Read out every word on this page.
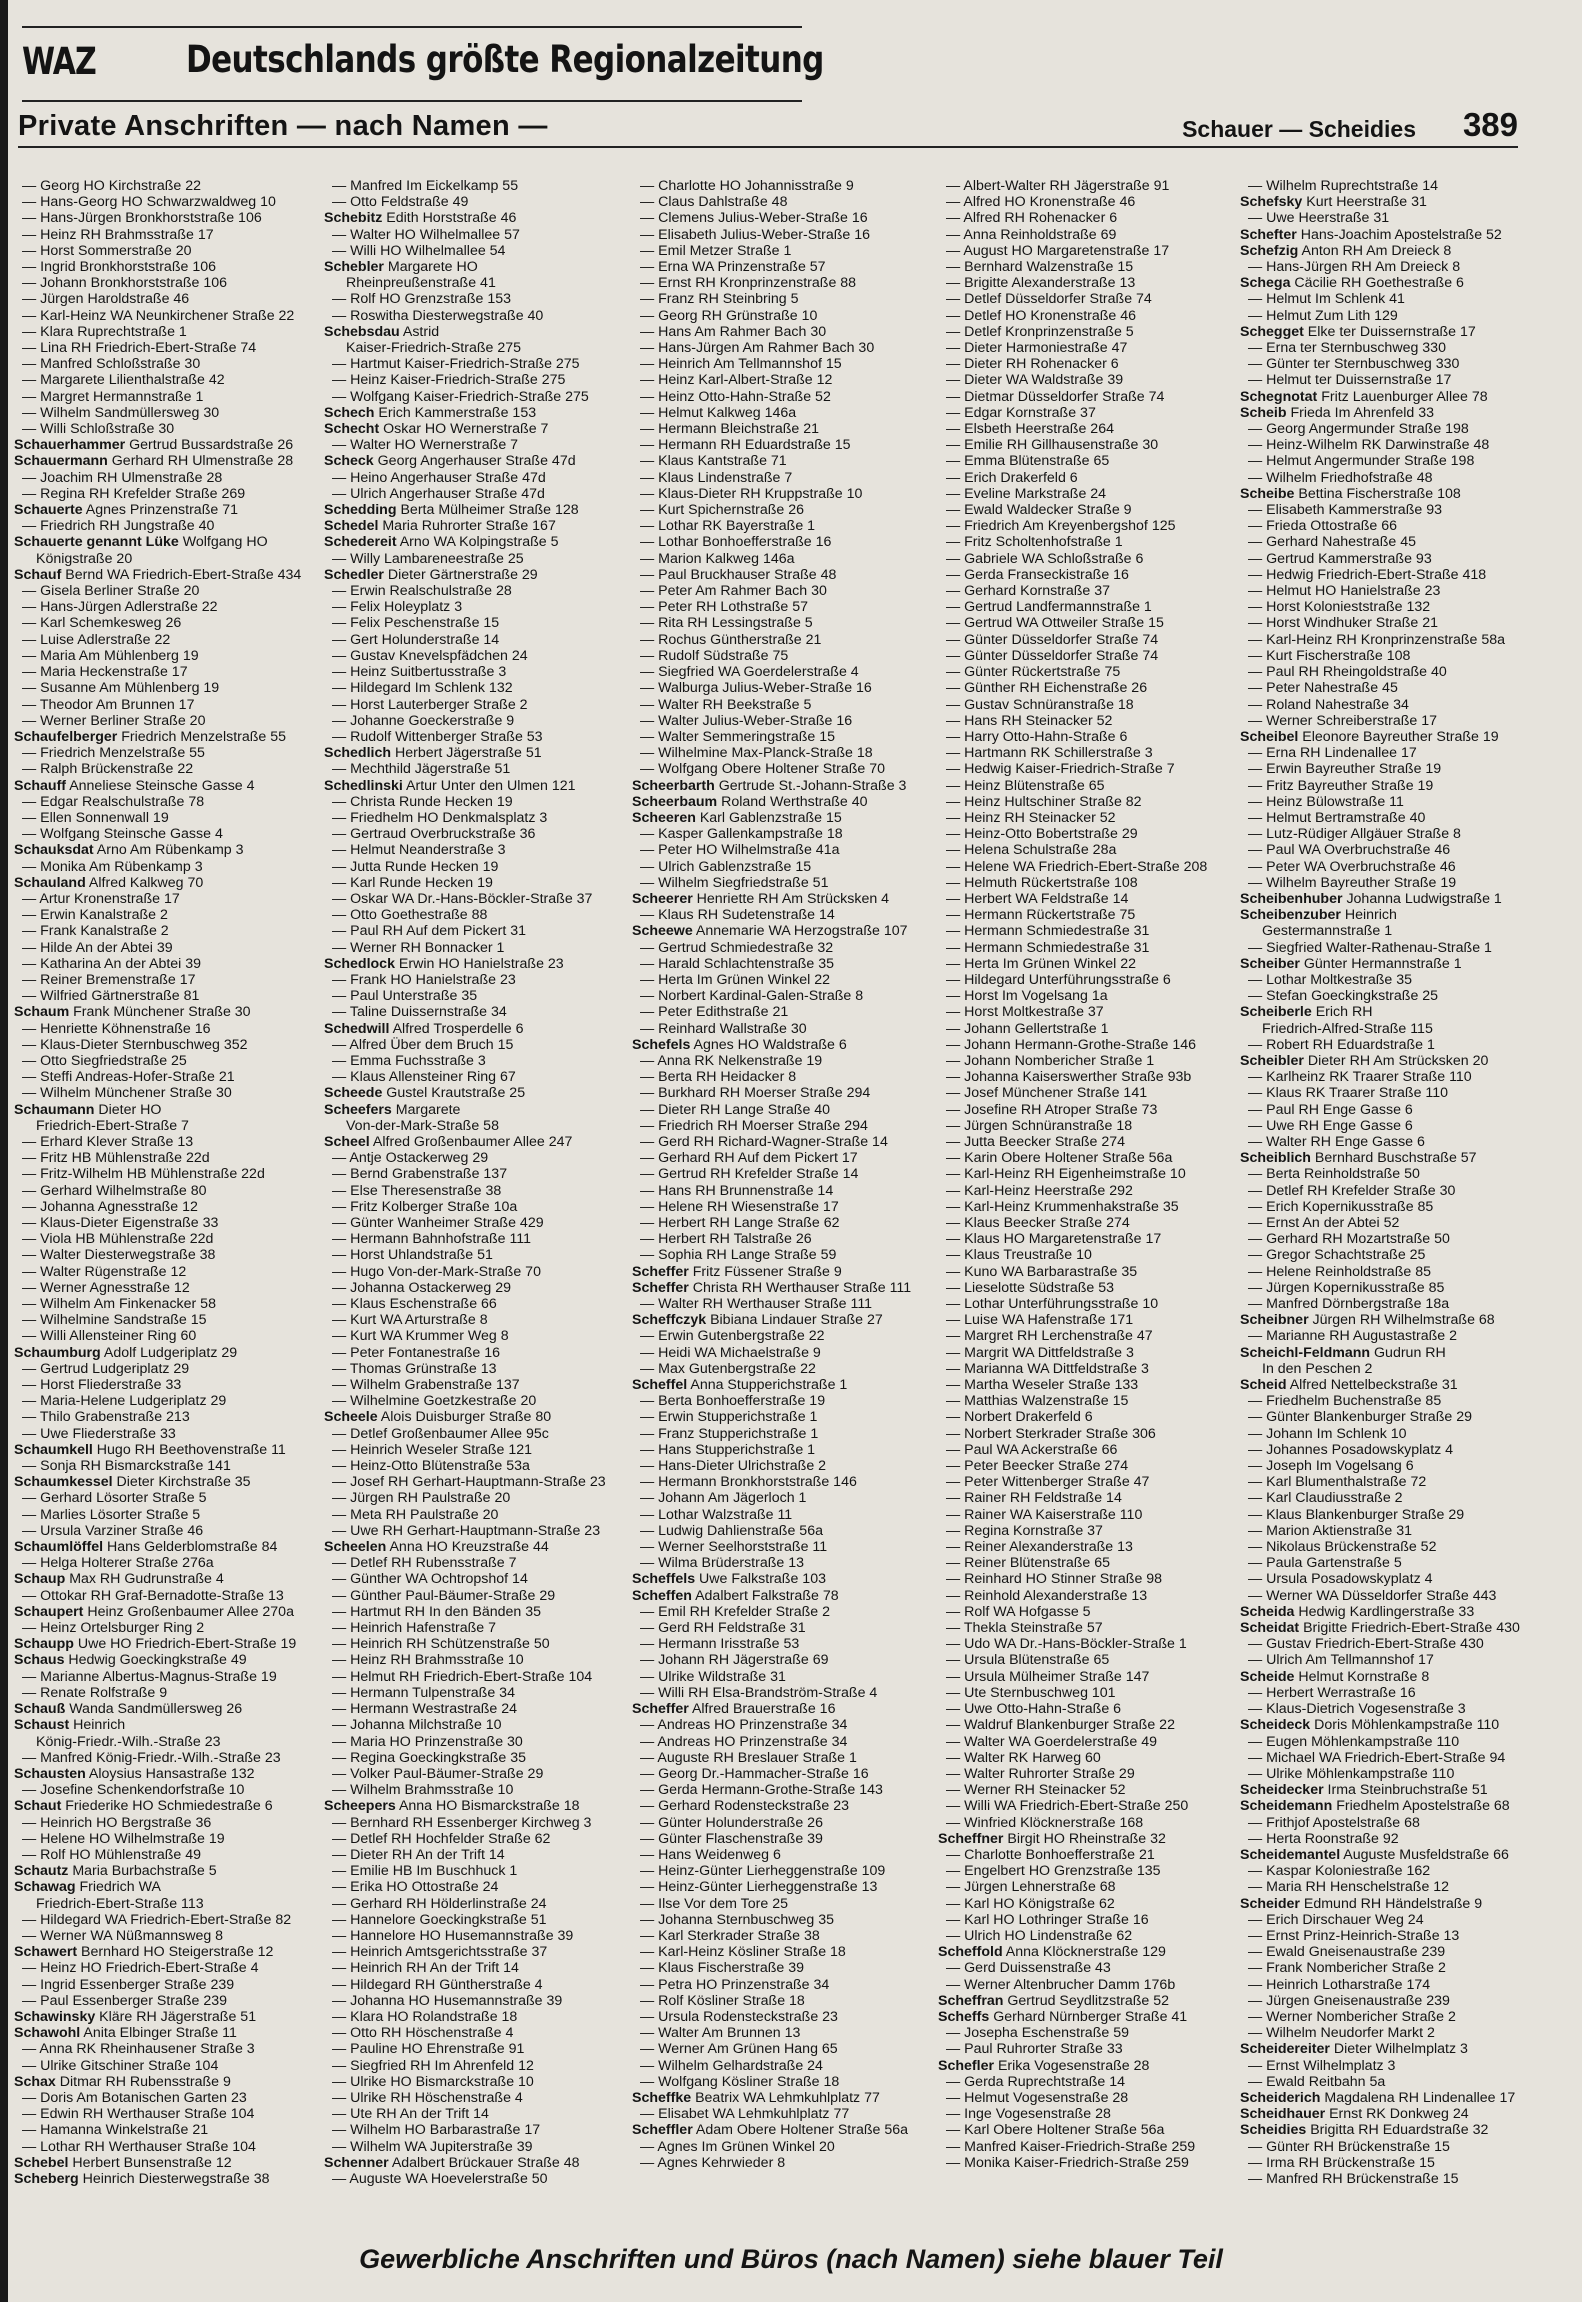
WAZ	Deutschlands größte Regionalzeitung
Private Anschriften — nach Namen —	Schauer — Scheidies 389
— Georg HO Kirchstraße 22
— Hans-Georg HO Schwarzwaldweg 10
— Hans-Jürgen Bronkhorststraße 106
— Heinz RH Brahmsstraße 17
— Horst Sommerstraße 20
— Ingrid Bronkhorststraße 106
— Johann Bronkhorststraße 106
— Jürgen Haroldstraße 46
— Karl-Heinz WA Neunkirchener Straße 22
— Klara Ruprechtstraße 1
— Lina RH Friedrich-Ebert-Straße 74
— Manfred Schloßstraße 30
— Margarete Lilienthalstraße 42
— Margret Hermannstraße 1
— Wilhelm Sandmüllersweg 30
— Willi Schloßstraße 30
Schauerhammer Gertrud Bussardstraße 26
Schauermann Gerhard RH Ulmenstraße 28
— Joachim RH Ulmenstraße 28
— Regina RH Krefelder Straße 269
Schauerte Agnes Prinzenstraße 71
— Friedrich RH Jungstraße 40
Schauerte genannt Lüke Wolfgang HO
Königstraße 20
Schauf Bernd WA Friedrich-Ebert-Straße 434
— Gisela Berliner Straße 20
— Hans-Jürgen Adlerstraße 22
— Karl Schemkesweg 26
— Luise Adlerstraße 22
— Maria Am Mühlenberg 19
— Maria Heckenstraße 17
— Susanne Am Mühlenberg 19
— Theodor Am Brunnen 17
— Werner Berliner Straße 20
Schaufelberger Friedrich Menzelstraße 55
— Friedrich Menzelstraße 55
— Ralph Brückenstraße 22
Schauff Anneliese Steinsche Gasse 4
— Edgar Realschulstraße 78
— Ellen Sonnenwall 19
— Wolfgang Steinsche Gasse 4
Schauksdat Arno Am Rübenkamp 3
— Monika Am Rübenkamp 3
Schauland Alfred Kalkweg 70
— Artur Kronenstraße 17
— Erwin Kanalstraße 2
— Frank Kanalstraße 2
— Hilde An der Abtei 39
— Katharina An der Abtei 39
— Reiner Bremenstraße 17
— Wilfried Gärtnerstraße 81
Schaum Frank Münchener Straße 30
— Henriette Köhnenstraße 16
— Klaus-Dieter Sternbuschweg 352
— Otto Siegfriedstraße 25
— Steffi Andreas-Hofer-Straße 21
— Wilhelm Münchener Straße 30
Schaumann Dieter HO
Friedrich-Ebert-Straße 7
— Erhard Klever Straße 13
— Fritz HB Mühlenstraße 22d
— Fritz-Wilhelm HB Mühlenstraße 22d
— Gerhard Wilhelmstraße 80
— Johanna Agnesstraße 12
— Klaus-Dieter Eigenstraße 33
— Viola HB Mühlenstraße 22d
— Walter Diesterwegstraße 38
— Walter Rügenstraße 12
— Werner Agnesstraße 12
— Wilhelm Am Finkenacker 58
— Wilhelmine Sandstraße 15
— Willi Allensteiner Ring 60
Schaumburg Adolf Ludgeriplatz 29
— Gertrud Ludgeriplatz 29
— Horst Fliederstraße 33
— Maria-Helene Ludgeriplatz 29
— Thilo Grabenstraße 213
— Uwe Fliederstraße 33
Schaumkell Hugo RH Beethovenstraße 11
— Sonja RH Bismarckstraße 141
Schaumkessel Dieter Kirchstraße 35
— Gerhard Lösorter Straße 5
— Marlies Lösorter Straße 5
— Ursula Varziner Straße 46
Schaumlöffel Hans Gelderblomstraße 84
— Helga Holterer Straße 276a
Schaup Max RH Gudrunstraße 4
— Ottokar RH Graf-Bernadotte-Straße 13
Schaupert Heinz Großenbaumer Allee 270a
— Heinz Ortelsburger Ring 2
Schaupp Uwe HO Friedrich-Ebert-Straße 19
Schaus Hedwig Goeckingkstraße 49
— Marianne Albertus-Magnus-Straße 19
— Renate Rolfstraße 9
Schauß Wanda Sandmüllersweg 26
Schaust Heinrich
König-Friedr.-Wilh.-Straße 23
— Manfred König-Friedr.-Wilh.-Straße 23
Schausten Aloysius Hansastraße 132
— Josefine Schenkendorfstraße 10
Schaut Friederike HO Schmiedestraße 6
— Heinrich HO Bergstraße 36
— Helene HO Wilhelmstraße 19
— Rolf HO Mühlenstraße 49
Schautz Maria Burbachstraße 5
Schawag Friedrich WA
Friedrich-Ebert-Straße 113
— Hildegard WA Friedrich-Ebert-Straße 82
— Werner WA Nüßmannsweg 8
Schawert Bernhard HO Steigerstraße 12
— Heinz HO Friedrich-Ebert-Straße 4
— Ingrid Essenberger Straße 239
— Paul Essenberger Straße 239
Schawinsky Kläre RH Jägerstraße 51
Schawohl Anita Elbinger Straße 11
— Anna RK Rheinhausener Straße 3
— Ulrike Gitschiner Straße 104
Schax Ditmar RH Rubensstraße 9
— Doris Am Botanischen Garten 23
— Edwin RH Werthauser Straße 104
— Hamanna Winkelstraße 21
— Lothar RH Werthauser Straße 104
Schebel Herbert Bunsenstraße 12
Scheberg Heinrich Diesterwegstraße 38
— Manfred Im Eickelkamp 55
— Otto Feldstraße 49
Schebitz Edith Horststraße 46
— Walter HO Wilhelmallee 57
— Willi HO Wilhelmallee 54
Schebler Margarete HO
Rheinpreußenstraße 41
— Rolf HO Grenzstraße 153
— Roswitha Diesterwegstraße 40
Schebsdau Astrid
Kaiser-Friedrich-Straße 275
— Hartmut Kaiser-Friedrich-Straße 275
— Heinz Kaiser-Friedrich-Straße 275
— Wolfgang Kaiser-Friedrich-Straße 275
Schech Erich Kammerstraße 153
Schecht Oskar HO Wernerstraße 7
— Walter HO Wernerstraße 7
Scheck Georg Angerhauser Straße 47d
— Heino Angerhauser Straße 47d
— Ulrich Angerhauser Straße 47d
Schedding Berta Mülheimer Straße 128
Schedel Maria Ruhrorter Straße 167
Schedereit Arno WA Kolpingstraße 5
— Willy Lambareneestraße 25
Schedler Dieter Gärtnerstraße 29
— Erwin Realschulstraße 28
— Felix Holeyplatz 3
— Felix Peschenstraße 15
— Gert Holunderstraße 14
— Gustav Knevelspfädchen 24
— Heinz Suitbertusstraße 3
— Hildegard Im Schlenk 132
— Horst Lauterberger Straße 2
— Johanne Goeckerstraße 9
— Rudolf Wittenberger Straße 53
Schedlich Herbert Jägerstraße 51
— Mechthild Jägerstraße 51
Schedlinski Artur Unter den Ulmen 121
— Christa Runde Hecken 19
— Friedhelm HO Denkmalsplatz 3
— Gertraud Overbruckstraße 36
— Helmut Neanderstraße 3
— Jutta Runde Hecken 19
— Karl Runde Hecken 19
— Oskar WA Dr.-Hans-Böckler-Straße 37
— Otto Goethestraße 88
— Paul RH Auf dem Pickert 31
— Werner RH Bonnacker 1
Schedlock Erwin HO Hanielstraße 23
— Frank HO Hanielstraße 23
— Paul Unterstraße 35
— Taline Duissernstraße 34
Schedwill Alfred Trosperdelle 6
— Alfred Über dem Bruch 15
— Emma Fuchsstraße 3
— Klaus Allensteiner Ring 67
Scheede Gustel Krautstraße 25
Scheefers Margarete
Von-der-Mark-Straße 58
Scheel Alfred Großenbaumer Allee 247
— Antje Ostackerweg 29
— Bernd Grabenstraße 137
— Else Theresenstraße 38
— Fritz Kolberger Straße 10a
— Günter Wanheimer Straße 429
— Hermann Bahnhofstraße 111
— Horst Uhlandstraße 51
— Hugo Von-der-Mark-Straße 70
— Johanna Ostackerweg 29
— Klaus Eschenstraße 66
— Kurt WA Arturstraße 8
— Kurt WA Krummer Weg 8
— Peter Fontanestraße 16
— Thomas Grünstraße 13
— Wilhelm Grabenstraße 137
— Wilhelmine Goetzkestraße 20
Scheele Alois Duisburger Straße 80
— Detlef Großenbaumer Allee 95c
— Heinrich Weseler Straße 121
— Heinz-Otto Blütenstraße 53a
— Josef RH Gerhart-Hauptmann-Straße 23
— Jürgen RH Paulstraße 20
— Meta RH Paulstraße 20
— Uwe RH Gerhart-Hauptmann-Straße 23
Scheelen Anna HO Kreuzstraße 44
— Detlef RH Rubensstraße 7
— Günther WA Ochtropshof 14
— Günther Paul-Bäumer-Straße 29
— Hartmut RH In den Bänden 35
— Heinrich Hafenstraße 7
— Heinrich RH Schützenstraße 50
— Heinz RH Brahmsstraße 10
— Helmut RH Friedrich-Ebert-Straße 104
— Hermann Tulpenstraße 34
— Hermann Westrastraße 24
— Johanna Milchstraße 10
— Maria HO Prinzenstraße 30
— Regina Goeckingkstraße 35
— Volker Paul-Bäumer-Straße 29
— Wilhelm Brahmsstraße 10
Scheepers Anna HO Bismarckstraße 18
— Bernhard RH Essenberger Kirchweg 3
— Detlef RH Hochfelder Straße 62
— Dieter RH An der Trift 14
— Emilie HB Im Buschhuck 1
— Erika HO Ottostraße 24
— Gerhard RH Hölderlinstraße 24
— Hannelore Goeckingkstraße 51
— Hannelore HO Husemannstraße 39
— Heinrich Amtsgerichtsstraße 37
— Heinrich RH An der Trift 14
— Hildegard RH Güntherstraße 4
— Johanna HO Husemannstraße 39
— Klara HO Rolandstraße 18
— Otto RH Höschenstraße 4
— Pauline HO Ehrenstraße 91
— Siegfried RH Im Ahrenfeld 12
— Ulrike HO Bismarckstraße 10
— Ulrike RH Höschenstraße 4
— Ute RH An der Trift 14
— Wilhelm HO Barbarastraße 17
— Wilhelm WA Jupiterstraße 39
Schenner Adalbert Brückauer Straße 48
— Auguste WA Hoevelerstraße 50
— Charlotte HO Johannisstraße 9
— Claus Dahlstraße 48
— Clemens Julius-Weber-Straße 16
— Elisabeth Julius-Weber-Straße 16
— Emil Metzer Straße 1
— Erna WA Prinzenstraße 57
— Ernst RH Kronprinzenstraße 88
— Franz RH Steinbring 5
— Georg RH Grünstraße 10
— Hans Am Rahmer Bach 30
— Hans-Jürgen Am Rahmer Bach 30
— Heinrich Am Tellmannshof 15
— Heinz Karl-Albert-Straße 12
— Heinz Otto-Hahn-Straße 52
— Helmut Kalkweg 146a
— Hermann Bleichstraße 21
— Hermann RH Eduardstraße 15
— Klaus Kantstraße 71
— Klaus Lindenstraße 7
— Klaus-Dieter RH Kruppstraße 10
— Kurt Spichernstraße 26
— Lothar RK Bayerstraße 1
— Lothar Bonhoefferstraße 16
— Marion Kalkweg 146a
— Paul Bruckhauser Straße 48
— Peter Am Rahmer Bach 30
— Peter RH Lothstraße 57
— Rita RH Lessingstraße 5
— Rochus Güntherstraße 21
— Rudolf Südstraße 75
— Siegfried WA Goerdelerstraße 4
— Walburga Julius-Weber-Straße 16
— Walter RH Beekstraße 5
— Walter Julius-Weber-Straße 16
— Walter Semmeringstraße 15
— Wilhelmine Max-Planck-Straße 18
— Wolfgang Obere Holtener Straße 70
Scheerbarth Gertrude St.-Johann-Straße 3
Scheerbaum Roland Werthstraße 40
Scheeren Karl Gablenzstraße 15
— Kasper Gallenkampstraße 18
— Peter HO Wilhelmstraße 41a
— Ulrich Gablenzstraße 15
— Wilhelm Siegfriedstraße 51
Scheerer Henriette RH Am Strücksken 4
— Klaus RH Sudetenstraße 14
Scheewe Annemarie WA Herzogstraße 107
— Gertrud Schmiedestraße 32
— Harald Schlachtenstraße 35
— Herta Im Grünen Winkel 22
— Norbert Kardinal-Galen-Straße 8
— Peter Edithstraße 21
— Reinhard Wallstraße 30
Schefels Agnes HO Waldstraße 6
— Anna RK Nelkenstraße 19
— Berta RH Heidacker 8
— Burkhard RH Moerser Straße 294
— Dieter RH Lange Straße 40
— Friedrich RH Moerser Straße 294
— Gerd RH Richard-Wagner-Straße 14
— Gerhard RH Auf dem Pickert 17
— Gertrud RH Krefelder Straße 14
— Hans RH Brunnenstraße 14
— Helene RH Wiesenstraße 17
— Herbert RH Lange Straße 62
— Herbert RH Talstraße 26
— Sophia RH Lange Straße 59
Scheffer Fritz Füssener Straße 9
Scheffer Christa RH Werthauser Straße 111
— Walter RH Werthauser Straße 111
Scheffczyk Bibiana Lindauer Straße 27
— Erwin Gutenbergstraße 22
— Heidi WA Michaelstraße 9
— Max Gutenbergstraße 22
Scheffel Anna Stupperichstraße 1
— Berta Bonhoefferstraße 19
— Erwin Stupperichstraße 1
— Franz Stupperichstraße 1
— Hans Stupperichstraße 1
— Hans-Dieter Ulrichstraße 2
— Hermann Bronkhorststraße 146
— Johann Am Jägerloch 1
— Lothar Walzstraße 11
— Ludwig Dahlienstraße 56a
— Werner Seelhorststraße 11
— Wilma Brüderstraße 13
Scheffels Uwe Falkstraße 103
Scheffen Adalbert Falkstraße 78
— Emil RH Krefelder Straße 2
— Gerd RH Feldstraße 31
— Hermann Irisstraße 53
— Johann RH Jägerstraße 69
— Ulrike Wildstraße 31
— Willi RH Elsa-Brandström-Straße 4
Scheffer Alfred Brauerstraße 16
— Andreas HO Prinzenstraße 34
— Andreas HO Prinzenstraße 34
— Auguste RH Breslauer Straße 1
— Georg Dr.-Hammacher-Straße 16
— Gerda Hermann-Grothe-Straße 143
— Gerhard Rodensteckstraße 23
— Günter Holunderstraße 26
— Günter Flaschenstraße 39
— Hans Weidenweg 6
— Heinz-Günter Lierheggenstraße 109
— Heinz-Günter Lierheggenstraße 13
— Ilse Vor dem Tore 25
— Johanna Sternbuschweg 35
— Karl Sterkrader Straße 38
— Karl-Heinz Kösliner Straße 18
— Klaus Fischerstraße 39
— Petra HO Prinzenstraße 34
— Rolf Kösliner Straße 18
— Ursula Rodensteckstraße 23
— Walter Am Brunnen 13
— Werner Am Grünen Hang 65
— Wilhelm Gelhardstraße 24
— Wolfgang Kösliner Straße 18
Scheffke Beatrix WA Lehmkuhlplatz 77
— Elisabet WA Lehmkuhlplatz 77
Scheffler Adam Obere Holtener Straße 56a
— Agnes Im Grünen Winkel 20
— Agnes Kehrwieder 8
— Albert-Walter RH Jägerstraße 91
— Alfred HO Kronenstraße 46
— Alfred RH Rohenacker 6
— Anna Reinholdstraße 69
— August HO Margaretenstraße 17
— Bernhard Walzenstraße 15
— Brigitte Alexanderstraße 13
— Detlef Düsseldorfer Straße 74
— Detlef HO Kronenstraße 46
— Detlef Kronprinzenstraße 5
— Dieter Harmoniestraße 47
— Dieter RH Rohenacker 6
— Dieter WA Waldstraße 39
— Dietmar Düsseldorfer Straße 74
— Edgar Kornstraße 37
— Elsbeth Heerstraße 264
— Emilie RH Gillhausenstraße 30
— Emma Blütenstraße 65
— Erich Drakerfeld 6
— Eveline Markstraße 24
— Ewald Waldecker Straße 9
— Friedrich Am Kreyenbergshof 125
— Fritz Scholtenhofstraße 1
— Gabriele WA Schloßstraße 6
— Gerda Franseckistraße 16
— Gerhard Kornstraße 37
— Gertrud Landfermannstraße 1
— Gertrud WA Ottweiler Straße 15
— Günter Düsseldorfer Straße 74
— Günter Düsseldorfer Straße 74
— Günter Rückertstraße 75
— Günther RH Eichenstraße 26
— Gustav Schnüranstraße 18
— Hans RH Steinacker 52
— Harry Otto-Hahn-Straße 6
— Hartmann RK Schillerstraße 3
— Hedwig Kaiser-Friedrich-Straße 7
— Heinz Blütenstraße 65
— Heinz Hultschiner Straße 82
— Heinz RH Steinacker 52
— Heinz-Otto Bobertstraße 29
— Helena Schulstraße 28a
— Helene WA Friedrich-Ebert-Straße 208
— Helmuth Rückertstraße 108
— Herbert WA Feldstraße 14
— Hermann Rückertstraße 75
— Hermann Schmiedestraße 31
— Hermann Schmiedestraße 31
— Herta Im Grünen Winkel 22
— Hildegard Unterführungsstraße 6
— Horst Im Vogelsang 1a
— Horst Moltkestraße 37
— Johann Gellertstraße 1
— Johann Hermann-Grothe-Straße 146
— Johann Nombericher Straße 1
— Johanna Kaiserswerther Straße 93b
— Josef Münchener Straße 141
— Josefine RH Atroper Straße 73
— Jürgen Schnüranstraße 18
— Jutta Beecker Straße 274
— Karin Obere Holtener Straße 56a
— Karl-Heinz RH Eigenheimstraße 10
— Karl-Heinz Heerstraße 292
— Karl-Heinz Krummenhakstraße 35
— Klaus Beecker Straße 274
— Klaus HO Margaretenstraße 17
— Klaus Treustraße 10
— Kuno WA Barbarastraße 35
— Lieselotte Südstraße 53
— Lothar Unterführungsstraße 10
— Luise WA Hafenstraße 171
— Margret RH Lerchenstraße 47
— Margrit WA Dittfeldstraße 3
— Marianna WA Dittfeldstraße 3
— Martha Weseler Straße 133
— Matthias Walzenstraße 15
— Norbert Drakerfeld 6
— Norbert Sterkrader Straße 306
— Paul WA Ackerstraße 66
— Peter Beecker Straße 274
— Peter Wittenberger Straße 47
— Rainer RH Feldstraße 14
— Rainer WA Kaiserstraße 110
— Regina Kornstraße 37
— Reiner Alexanderstraße 13
— Reiner Blütenstraße 65
— Reinhard HO Stinner Straße 98
— Reinhold Alexanderstraße 13
— Rolf WA Hofgasse 5
— Thekla Steinstraße 57
— Udo WA Dr.-Hans-Böckler-Straße 1
— Ursula Blütenstraße 65
— Ursula Mülheimer Straße 147
— Ute Sternbuschweg 101
— Uwe Otto-Hahn-Straße 6
— Waldruf Blankenburger Straße 22
— Walter WA Goerdelerstraße 49
— Walter RK Harweg 60
— Walter Ruhrorter Straße 29
— Werner RH Steinacker 52
— Willi WA Friedrich-Ebert-Straße 250
— Winfried Klöcknerstraße 168
Scheffner Birgit HO Rheinstraße 32
— Charlotte Bonhoefferstraße 21
— Engelbert HO Grenzstraße 135
— Jürgen Lehnerstraße 68
— Karl HO Königstraße 62
— Karl HO Lothringer Straße 16
— Ulrich HO Lindenstraße 62
Scheffold Anna Klöcknerstraße 129
— Gerd Duissenstraße 43
— Werner Altenbrucher Damm 176b
Scheffran Gertrud Seydlitzstraße 52
Scheffs Gerhard Nürnberger Straße 41
— Josepha Eschenstraße 59
— Paul Ruhrorter Straße 33
Schefler Erika Vogesenstraße 28
— Gerda Ruprechtstraße 14
— Helmut Vogesenstraße 28
— Inge Vogesenstraße 28
— Karl Obere Holtener Straße 56a
— Manfred Kaiser-Friedrich-Straße 259
— Monika Kaiser-Friedrich-Straße 259
— Wilhelm Ruprechtstraße 14
Schefsky Kurt Heerstraße 31
— Uwe Heerstraße 31
Schefter Hans-Joachim Apostelstraße 52
Schefzig Anton RH Am Dreieck 8
— Hans-Jürgen RH Am Dreieck 8
Schega Cäcilie RH Goethestraße 6
— Helmut Im Schlenk 41
— Helmut Zum Lith 129
Schegget Elke ter Duissernstraße 17
— Erna ter Sternbuschweg 330
— Günter ter Sternbuschweg 330
— Helmut ter Duissernstraße 17
Schegnotat Fritz Lauenburger Allee 78
Scheib Frieda Im Ahrenfeld 33
— Georg Angermunder Straße 198
— Heinz-Wilhelm RK Darwinstraße 48
— Helmut Angermunder Straße 198
— Wilhelm Friedhofstraße 48
Scheibe Bettina Fischerstraße 108
— Elisabeth Kammerstraße 93
— Frieda Ottostraße 66
— Gerhard Nahestraße 45
— Gertrud Kammerstraße 93
— Hedwig Friedrich-Ebert-Straße 418
— Helmut HO Hanielstraße 23
— Horst Kolonieststraße 132
— Horst Windhuker Straße 21
— Karl-Heinz RH Kronprinzenstraße 58a
— Kurt Fischerstraße 108
— Paul RH Rheingoldstraße 40
— Peter Nahestraße 45
— Roland Nahestraße 34
— Werner Schreiberstraße 17
Scheibel Eleonore Bayreuther Straße 19
— Erna RH Lindenallee 17
— Erwin Bayreuther Straße 19
— Fritz Bayreuther Straße 19
— Heinz Bülowstraße 11
— Helmut Bertramstraße 40
— Lutz-Rüdiger Allgäuer Straße 8
— Paul WA Overbruchstraße 46
— Peter WA Overbruchstraße 46
— Wilhelm Bayreuther Straße 19
Scheibenhuber Johanna Ludwigstraße 1
Scheibenzuber Heinrich
Gestermannstraße 1
— Siegfried Walter-Rathenau-Straße 1
Scheiber Günter Hermannstraße 1
— Lothar Moltkestraße 35
— Stefan Goeckingkstraße 25
Scheiberle Erich RH
Friedrich-Alfred-Straße 115
— Robert RH Eduardstraße 1
Scheibler Dieter RH Am Strücksken 20
— Karlheinz RK Traarer Straße 110
— Klaus RK Traarer Straße 110
— Paul RH Enge Gasse 6
— Uwe RH Enge Gasse 6
— Walter RH Enge Gasse 6
Scheiblich Bernhard Buschstraße 57
— Berta Reinholdstraße 50
— Detlef RH Krefelder Straße 30
— Erich Kopernikusstraße 85
— Ernst An der Abtei 52
— Gerhard RH Mozartstraße 50
— Gregor Schachtstraße 25
— Helene Reinholdstraße 85
— Jürgen Kopernikusstraße 85
— Manfred Dörnbergstraße 18a
Scheibner Jürgen RH Wilhelmstraße 68
— Marianne RH Augustastraße 2
Scheichl-Feldmann Gudrun RH
In den Peschen 2
Scheid Alfred Nettelbeckstraße 31
— Friedhelm Buchenstraße 85
— Günter Blankenburger Straße 29
— Johann Im Schlenk 10
— Johannes Posadowskyplatz 4
— Joseph Im Vogelsang 6
— Karl Blumenthalstraße 72
— Karl Claudiusstraße 2
— Klaus Blankenburger Straße 29
— Marion Aktienstraße 31
— Nikolaus Brückenstraße 52
— Paula Gartenstraße 5
— Ursula Posadowskyplatz 4
— Werner WA Düsseldorfer Straße 443
Scheida Hedwig Kardlingerstraße 33
Scheidat Brigitte Friedrich-Ebert-Straße 430
— Gustav Friedrich-Ebert-Straße 430
— Ulrich Am Tellmannshof 17
Scheide Helmut Kornstraße 8
— Herbert Werrastraße 16
— Klaus-Dietrich Vogesenstraße 3
Scheideck Doris Möhlenkampstraße 110
— Eugen Möhlenkampstraße 110
— Michael WA Friedrich-Ebert-Straße 94
— Ulrike Möhlenkampstraße 110
Scheidecker Irma Steinbruchstraße 51
Scheidemann Friedhelm Apostelstraße 68
— Frithjof Apostelstraße 68
— Herta Roonstraße 92
Scheidemantel Auguste Musfeldstraße 66
— Kaspar Koloniestraße 162
— Maria RH Henschelstraße 12
Scheider Edmund RH Händelstraße 9
— Erich Dirschauer Weg 24
— Ernst Prinz-Heinrich-Straße 13
— Ewald Gneisenaustraße 239
— Frank Nombericher Straße 2
— Heinrich Lotharstraße 174
— Jürgen Gneisenaustraße 239
— Werner Nombericher Straße 2
— Wilhelm Neudorfer Markt 2
Scheidereiter Dieter Wilhelmplatz 3
— Ernst Wilhelmplatz 3
— Ewald Reitbahn 5a
Scheiderich Magdalena RH Lindenallee 17
Scheidhauer Ernst RK Donkweg 24
Scheidies Brigitta RH Eduardstraße 32
— Günter RH Brückenstraße 15
— Irma RH Brückenstraße 15
— Manfred RH Brückenstraße 15
Gewerbliche Anschriften und Büros (nach Namen) siehe blauer Teil
